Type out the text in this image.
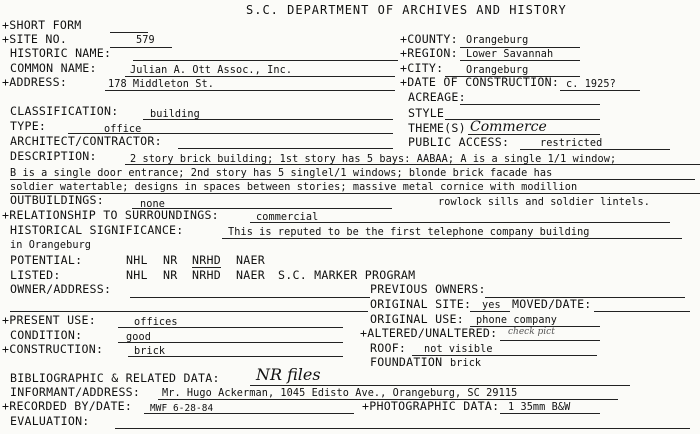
S.C. DEPARTMENT OF ARCHIVES AND HISTORY
+SHORT FORM
+SITE NO.	579	+COUNTY: Orangeburg
HISTORIC NAME:	+REGION: Lower Savannah
COMMON NAME:	Julian A. Ott Assoc., Inc.	+CITY: Orangeburg
+ADDRESS:	178 Middleton St.	+DATE OF CONSTRUCTION: c. 1925?
ACREAGE:
CLASSIFICATION:	building	STYLE
TYPE:	office	THEME(S) Commerce
ARCHITECT/CONTRACTOR:	PUBLIC ACCESS:	restricted
DESCRIPTION:	2 story brick building; 1st story has 5 bays: AABAA; A is a single 1/1 window;
B is a single door entrance; 2nd story has 5 singlel/1 windows; blonde brick facade has
soldier watertable; designs in spaces between stories; massive metal cornice with modillion
rowlock sills and soldier lintels.
OUTBUILDINGS:	none
+RELATIONSHIP TO SURROUNDINGS:	commercial
HISTORICAL SIGNIFICANCE:	This is reputed to be the first telephone company building
in Orangeburg
POTENTIAL:	NHL NR NRHD NAER
LISTED:	NHL NR NRHD NAER S.C. MARKER PROGRAM
OWNER/ADDRESS:	PREVIOUS OWNERS:
ORIGINAL SITE: yes MOVED/DATE:
+PRESENT USE:	offices	ORIGINAL USE: phone company
CONDITION:	good	+ALTERED/UNALTERED: check pict
+CONSTRUCTION:	brick	ROOF: not visible
FOUNDATION brick
BIBLIOGRAPHIC & RELATED DATA: NR files
INFORMANT/ADDRESS: Mr. Hugo Ackerman, 1045 Edisto Ave., Orangeburg, SC 29115
+RECORDED BY/DATE: MWF 6-28-84	+PHOTOGRAPHIC DATA: 1 35mm B&W
EVALUATION:
